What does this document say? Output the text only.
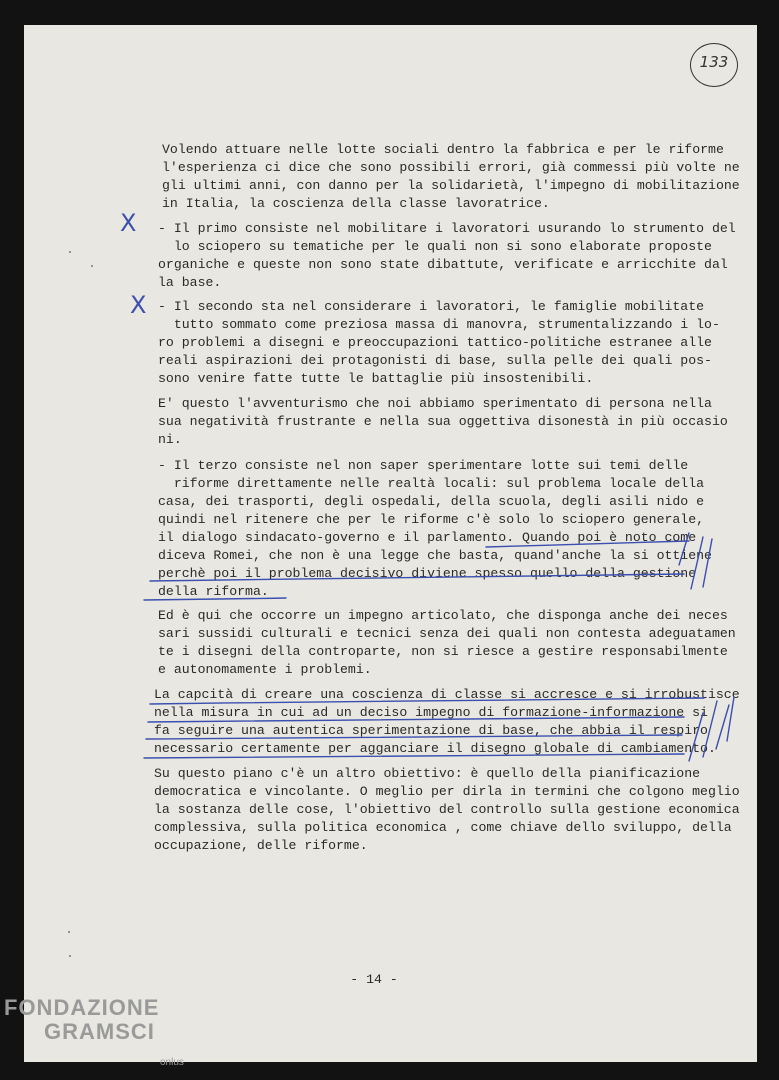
133
Volendo attuare nelle lotte sociali dentro la fabbrica e per le riforme
l'esperienza ci dice che sono possibili errori, già commessi più volte ne
gli ultimi anni, con danno per la solidarietà, l'impegno di mobilitazione
in Italia, la coscienza della classe lavoratrice.
- Il primo consiste nel mobilitare i lavoratori usurando lo strumento del
lo sciopero su tematiche per le quali non si sono elaborate proposte
organiche e queste non sono state dibattute, verificate e arricchite dal
la base.
- Il secondo sta nel considerare i lavoratori, le famiglie mobilitate
tutto sommato come preziosa massa di manovra, strumentalizzando i lo-
ro problemi a disegni e preoccupazioni tattico-politiche estranee alle
reali aspirazioni dei protagonisti di base, sulla pelle dei quali pos-
sono venire fatte tutte le battaglie più insostenibili.
E' questo l'avventurismo che noi abbiamo sperimentato di persona nella
sua negatività frustrante e nella sua oggettiva disonestà in più occasio
ni.
- Il terzo consiste nel non saper sperimentare lotte sui temi delle
riforme direttamente nelle realtà locali: sul problema locale della
casa, dei trasporti, degli ospedali, della scuola, degli asili nido e
quindi nel ritenere che per le riforme c'è solo lo sciopero generale,
il dialogo sindacato-governo e il parlamento. Quando poi è noto come
diceva Romei, che non è una legge che basta, quand'anche la si ottiene
perchè poi il problema decisivo diviene spesso quello della gestione
della riforma.
Ed è qui che occorre un impegno articolato, che disponga anche dei neces
sari sussidi culturali e tecnici senza dei quali non contesta adeguatamen
te i disegni della controparte, non si riesce a gestire responsabilmente
e autonomamente i problemi.
La capcità di creare una coscienza di classe si accresce e si irrobustisce
nella misura in cui ad un deciso impegno di formazione-informazione si
fa seguire una autentica sperimentazione di base, che abbia il respiro
necessario certamente per agganciare il disegno globale di cambiamento.
Su questo piano c'è un altro obiettivo: è quello della pianificazione
democratica e vincolante. O meglio per dirla in termini che colgono meglio
la sostanza delle cose, l'obiettivo del controllo sulla gestione economica
complessiva, sulla politica economica , come chiave dello sviluppo, della
occupazione, delle riforme.
- 14 -
X
X
FONDAZIONE
GRAMSCI
onlus
